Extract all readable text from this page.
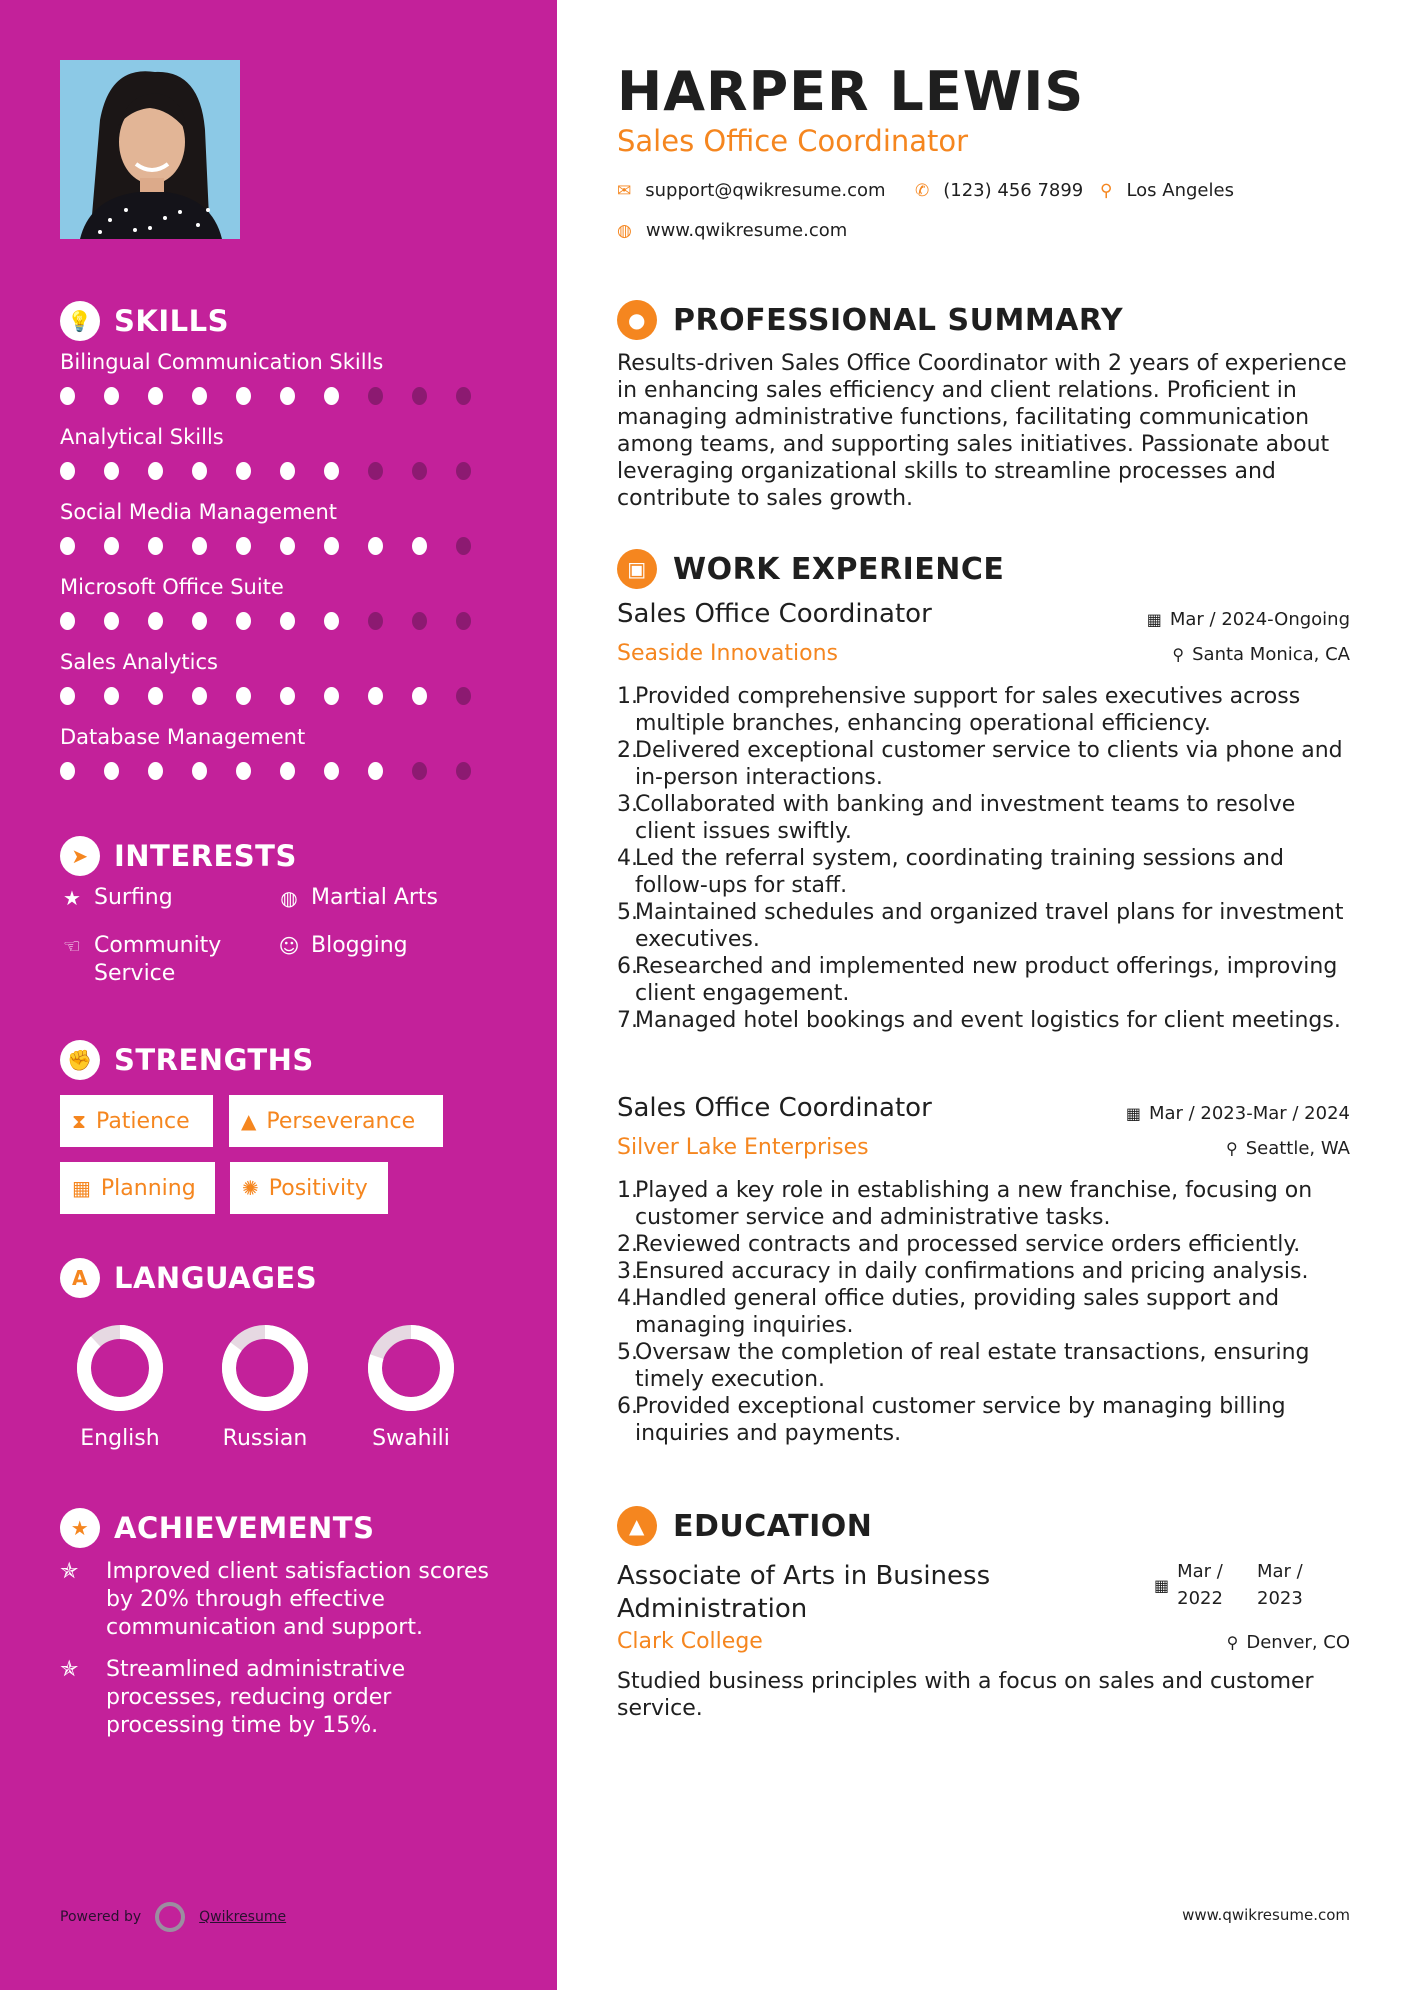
💡 SKILLS
Bilingual Communication Skills
Analytical Skills
Social Media Management
Microsoft Office Suite
Sales Analytics
Database Management
➤ INTERESTS
★ Surfing	◍ Martial Arts
☜ Community Service
☺ Blogging
✊ STRENGTHS
⧗ Patience	▲ Perseverance
▦ Planning ✺ Positivity
A LANGUAGES
English	Russian	Swahili
★ ACHIEVEMENTS
✯	Improved client satisfaction scores by 20% through effective communication and support.
✯	Streamlined administrative processes, reducing order processing time by 15%.
Powered by	Qwikresume
HARPER LEWIS
Sales Office Coordinator
✉ support@qwikresume.com ✆ (123) 456 7899 ⚲ Los Angeles
◍ www.qwikresume.com
● PROFESSIONAL SUMMARY
Results-driven Sales Office Coordinator with 2 years of experience in enhancing sales efficiency and client relations. Proficient in managing administrative functions, facilitating communication among teams, and supporting sales initiatives. Passionate about leveraging organizational skills to streamline processes and contribute to sales growth.
▣ WORK EXPERIENCE
Sales Office Coordinator	▦ Mar / 2024-Ongoing
Seaside Innovations	⚲ Santa Monica, CA
1.
Provided comprehensive support for sales executives across multiple branches, enhancing operational efficiency.
2.
Delivered exceptional customer service to clients via phone and in-person interactions.
3.
Collaborated with banking and investment teams to resolve client issues swiftly.
4.
Led the referral system, coordinating training sessions and follow-ups for staff.
5.
Maintained schedules and organized travel plans for investment executives.
6.
Researched and implemented new product offerings, improving client engagement.
7.
Managed hotel bookings and event logistics for client meetings.
Sales Office Coordinator	▦ Mar / 2023-Mar / 2024
Silver Lake Enterprises	⚲ Seattle, WA
1.
Played a key role in establishing a new franchise, focusing on customer service and administrative tasks.
2.
Reviewed contracts and processed service orders efficiently.
3.
Ensured accuracy in daily confirmations and pricing analysis.
4.
Handled general office duties, providing sales support and managing inquiries.
5.
Oversaw the completion of real estate transactions, ensuring timely execution.
6.
Provided exceptional customer service by managing billing inquiries and payments.
▲ EDUCATION
Associate of Arts in Business Administration
▦
Mar /
2022
Mar /
2023
Clark College	⚲ Denver, CO
Studied business principles with a focus on sales and customer service.
www.qwikresume.com
